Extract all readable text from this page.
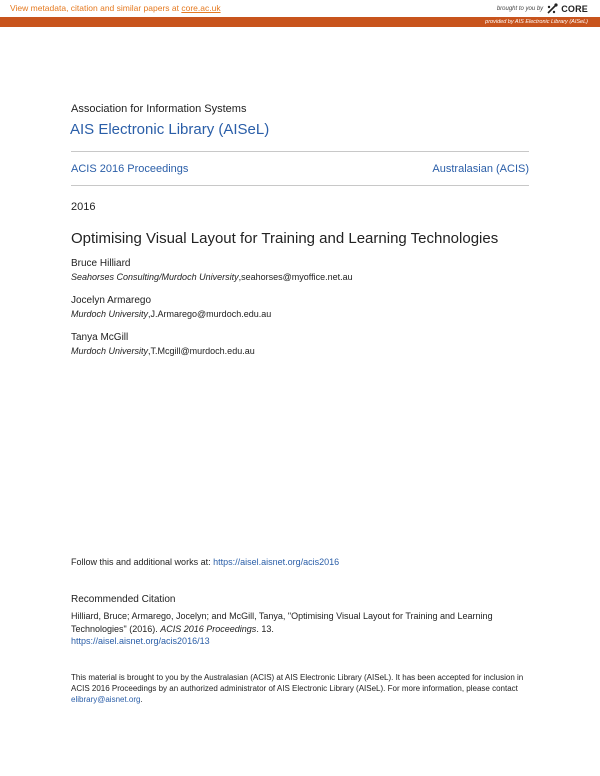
View metadata, citation and similar papers at core.ac.uk	brought to you by CORE
provided by AIS Electronic Library (AISeL)
Association for Information Systems
AIS Electronic Library (AISeL)
ACIS 2016 Proceedings	Australasian (ACIS)
2016
Optimising Visual Layout for Training and Learning Technologies
Bruce Hilliard
Seahorses Consulting/Murdoch University,seahorses@myoffice.net.au
Jocelyn Armarego
Murdoch University,J.Armarego@murdoch.edu.au
Tanya McGill
Murdoch University,T.Mcgill@murdoch.edu.au
Follow this and additional works at: https://aisel.aisnet.org/acis2016
Recommended Citation
Hilliard, Bruce; Armarego, Jocelyn; and McGill, Tanya, "Optimising Visual Layout for Training and Learning Technologies" (2016). ACIS 2016 Proceedings. 13.
https://aisel.aisnet.org/acis2016/13
This material is brought to you by the Australasian (ACIS) at AIS Electronic Library (AISeL). It has been accepted for inclusion in ACIS 2016 Proceedings by an authorized administrator of AIS Electronic Library (AISeL). For more information, please contact elibrary@aisnet.org.
